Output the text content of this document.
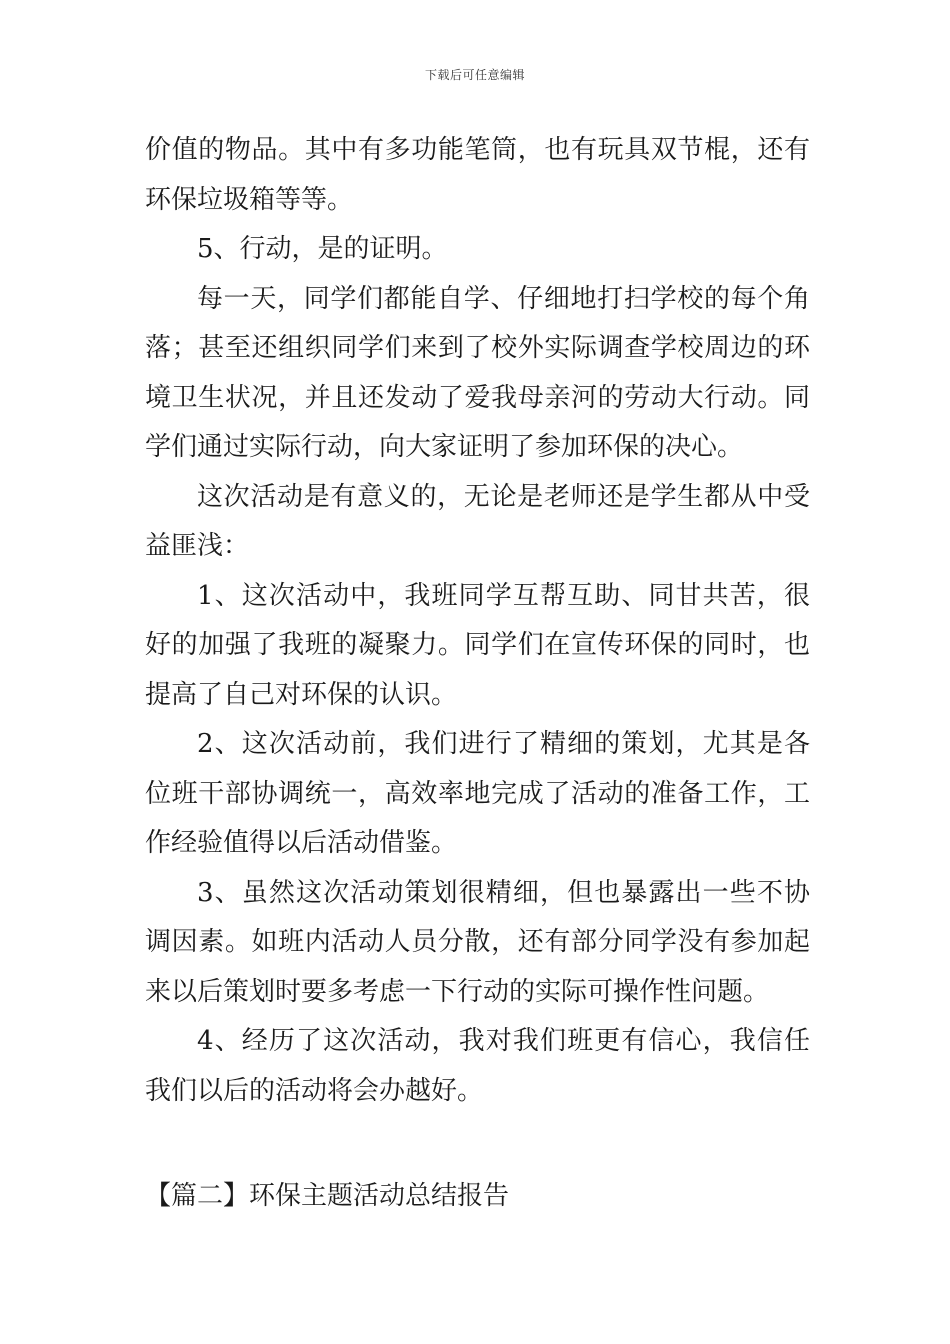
下载后可任意编辑

价值的物品。其中有多功能笔筒，也有玩具双节棍，还有环保垃圾箱等等。

5、行动，是的证明。

每一天，同学们都能自学、仔细地打扫学校的每个角落；甚至还组织同学们来到了校外实际调查学校周边的环境卫生状况，并且还发动了爱我母亲河的劳动大行动。同学们通过实际行动，向大家证明了参加环保的决心。

这次活动是有意义的，无论是老师还是学生都从中受益匪浅：

1、这次活动中，我班同学互帮互助、同甘共苦，很好的加强了我班的凝聚力。同学们在宣传环保的同时，也提高了自己对环保的认识。

2、这次活动前，我们进行了精细的策划，尤其是各位班干部协调统一，高效率地完成了活动的准备工作，工作经验值得以后活动借鉴。

3、虽然这次活动策划很精细，但也暴露出一些不协调因素。如班内活动人员分散，还有部分同学没有参加起来以后策划时要多考虑一下行动的实际可操作性问题。

4、经历了这次活动，我对我们班更有信心，我信任我们以后的活动将会办越好。

【篇二】环保主题活动总结报告
